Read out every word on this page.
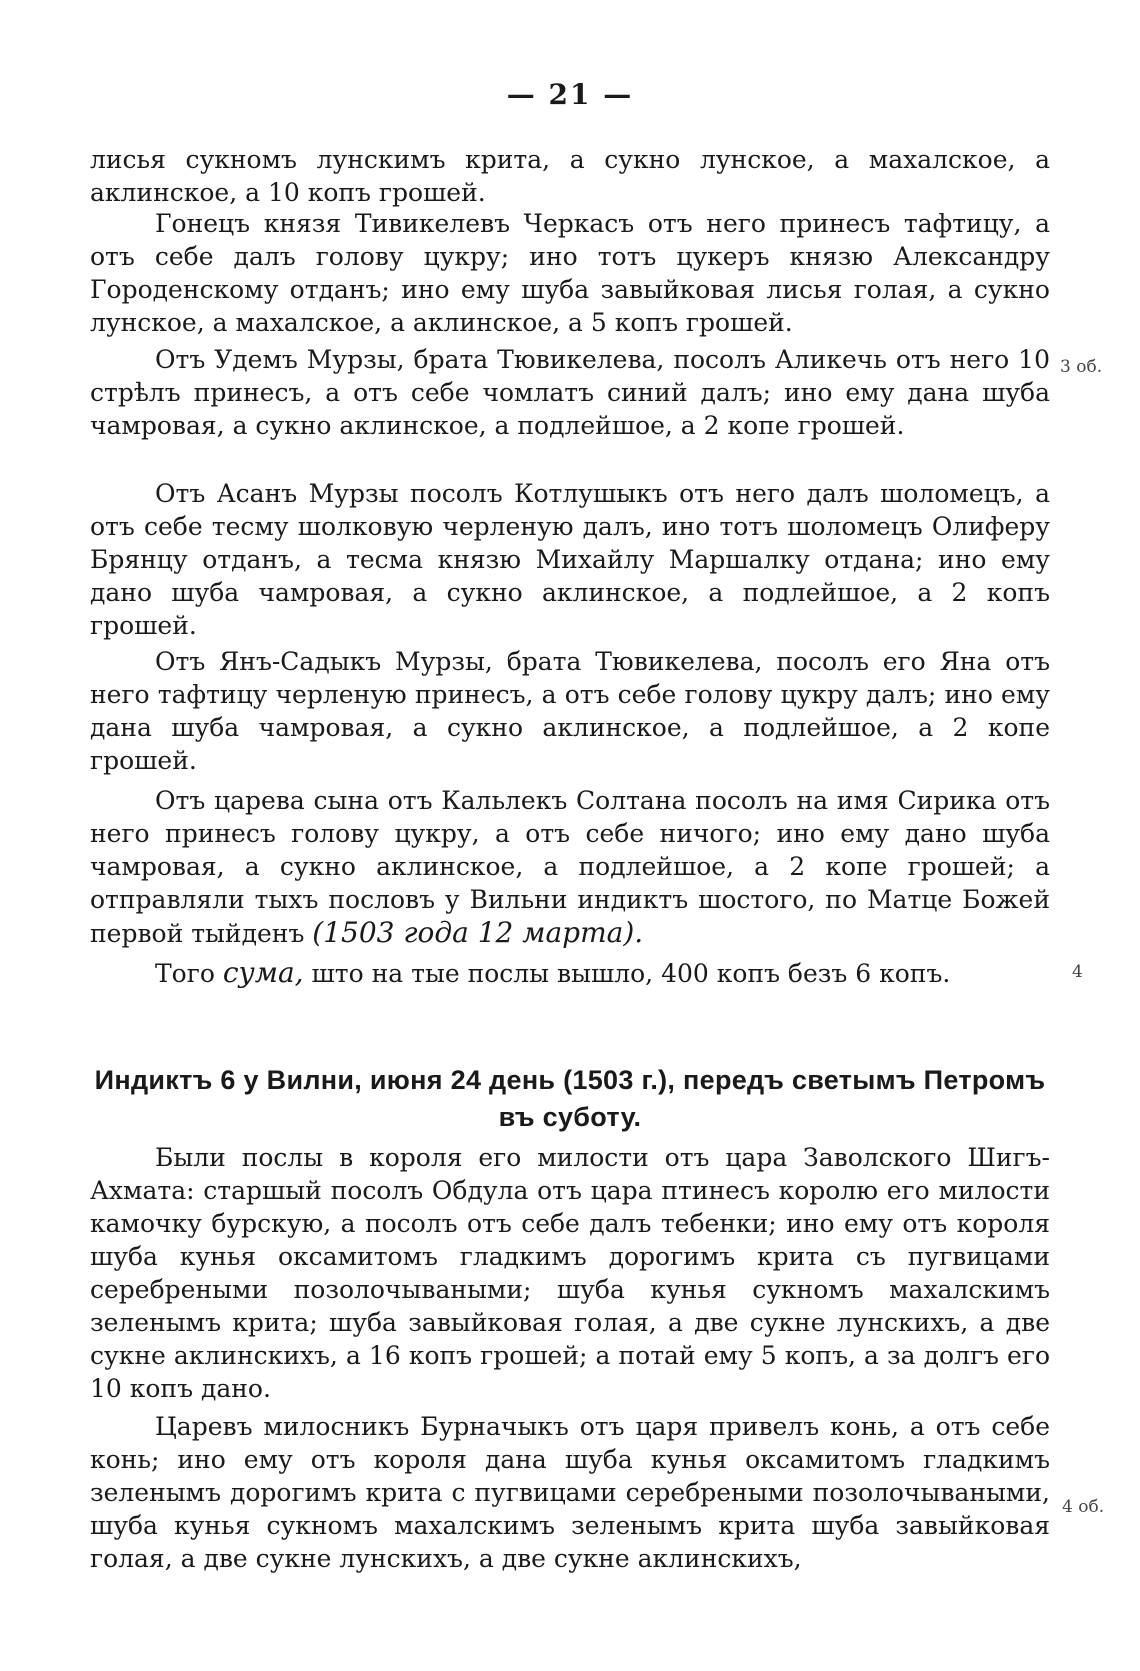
— 21 —

лисья сукномъ лунскимъ крита, а сукно лунское, а махалское, а аклинское, а 10 копъ грошей.

Гонецъ князя Тивикелевъ Черкасъ отъ него принесъ тафтицу, а отъ себе далъ голову цукру; ино тотъ цукеръ князю Александру Городенскому отданъ; ино ему шуба завыйковая лисья голая, а сукно лунское, а махалское, а аклинское, а 5 копъ грошей.

Отъ Удемъ Мурзы, брата Тювикелева, посолъ Аликечь отъ него 10 стрѣлъ принесъ, а отъ себе чомлатъ синий далъ; ино ему дана шуба чамровая, а сукно аклинское, а подлейшое, а 2 копе грошей.

Отъ Асанъ Мурзы посолъ Котлушыкъ отъ него далъ шоломецъ, а отъ себе тесму шолковую черленую далъ, ино тотъ шоломецъ Олиферу Брянцу отданъ, а тесма князю Михайлу Маршалку отдана; ино ему дано шуба чамровая, а сукно аклинское, а подлейшое, а 2 копъ грошей.

Отъ Янъ-Садыкъ Мурзы, брата Тювикелева, посолъ его Яна отъ него тафтицу черленую принесъ, а отъ себе голову цукру далъ; ино ему дана шуба чамровая, а сукно аклинское, а подлейшое, а 2 копе грошей.

Отъ царева сына отъ Кальлекъ Солтана посолъ на имя Сирика отъ него принесъ голову цукру, а отъ себе ничого; ино ему дано шуба чамровая, а сукно аклинское, а подлейшое, а 2 копе грошей; а отправляли тыхъ пословъ у Вильни индиктъ шостого, по Матце Божей первой тыйденъ (1503 года 12 марта).

Того сума, што на тые послы вышло, 400 копъ безъ 6 копъ.

Индиктъ 6 у Вилни, июня 24 день (1503 г.), передъ светымъ Петромъ въ суботу.

Были послы в короля его милости отъ цара Заволского Шигъ-Ахмата: старшый посолъ Обдула отъ цара птинесъ королю его милости камочку бурскую, а посолъ отъ себе далъ тебенки; ино ему отъ короля шуба кунья оксамитомъ гладкимъ дорогимъ крита съ пугвицами серебреными позолочываными; шуба кунья сукномъ махалскимъ зеленымъ крита; шуба завыйковая голая, а две сукне лунскихъ, а две сукне аклинскихъ, а 16 копъ грошей; а потай ему 5 копъ, а за долгъ его 10 копъ дано.

Царевъ милосникъ Бурначыкъ отъ царя привелъ конь, а отъ себе конь; ино ему отъ короля дана шуба кунья оксамитомъ гладкимъ зеленымъ дорогимъ крита с пугвицами серебреными позолочываными, шуба кунья сукномъ махалскимъ зеленымъ крита шуба завыйковая голая, а две сукне лунскихъ, а две сукне аклинскихъ,

3 об.
4
4 об.
